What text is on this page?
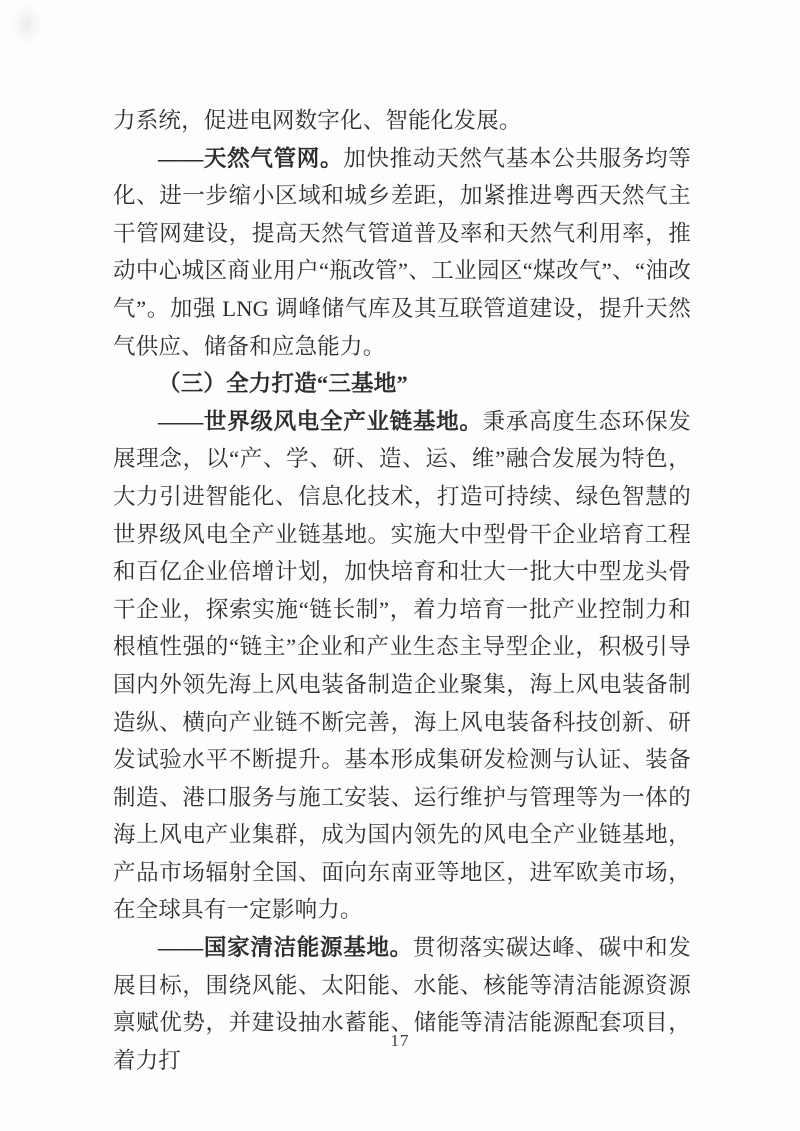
力系统，促进电网数字化、智能化发展。

——天然气管网。加快推动天然气基本公共服务均等化、进一步缩小区域和城乡差距，加紧推进粤西天然气主干管网建设，提高天然气管道普及率和天然气利用率，推动中心城区商业用户“瓶改管”、工业园区“煤改气”、“油改气”。加强 LNG 调峰储气库及其互联管道建设，提升天然气供应、储备和应急能力。

（三）全力打造“三基地”

——世界级风电全产业链基地。秉承高度生态环保发展理念，以“产、学、研、造、运、维”融合发展为特色，大力引进智能化、信息化技术，打造可持续、绿色智慧的世界级风电全产业链基地。实施大中型骨干企业培育工程和百亿企业倍增计划，加快培育和壮大一批大中型龙头骨干企业，探索实施“链长制”，着力培育一批产业控制力和根植性强的“链主”企业和产业生态主导型企业，积极引导国内外领先海上风电装备制造企业聚集，海上风电装备制造纵、横向产业链不断完善，海上风电装备科技创新、研发试验水平不断提升。基本形成集研发检测与认证、装备制造、港口服务与施工安装、运行维护与管理等为一体的海上风电产业集群，成为国内领先的风电全产业链基地，产品市场辐射全国、面向东南亚等地区，进军欧美市场，在全球具有一定影响力。

——国家清洁能源基地。贯彻落实碳达峰、碳中和发展目标，围绕风能、太阳能、水能、核能等清洁能源资源禀赋优势，并建设抽水蓄能、储能等清洁能源配套项目，着力打

17
